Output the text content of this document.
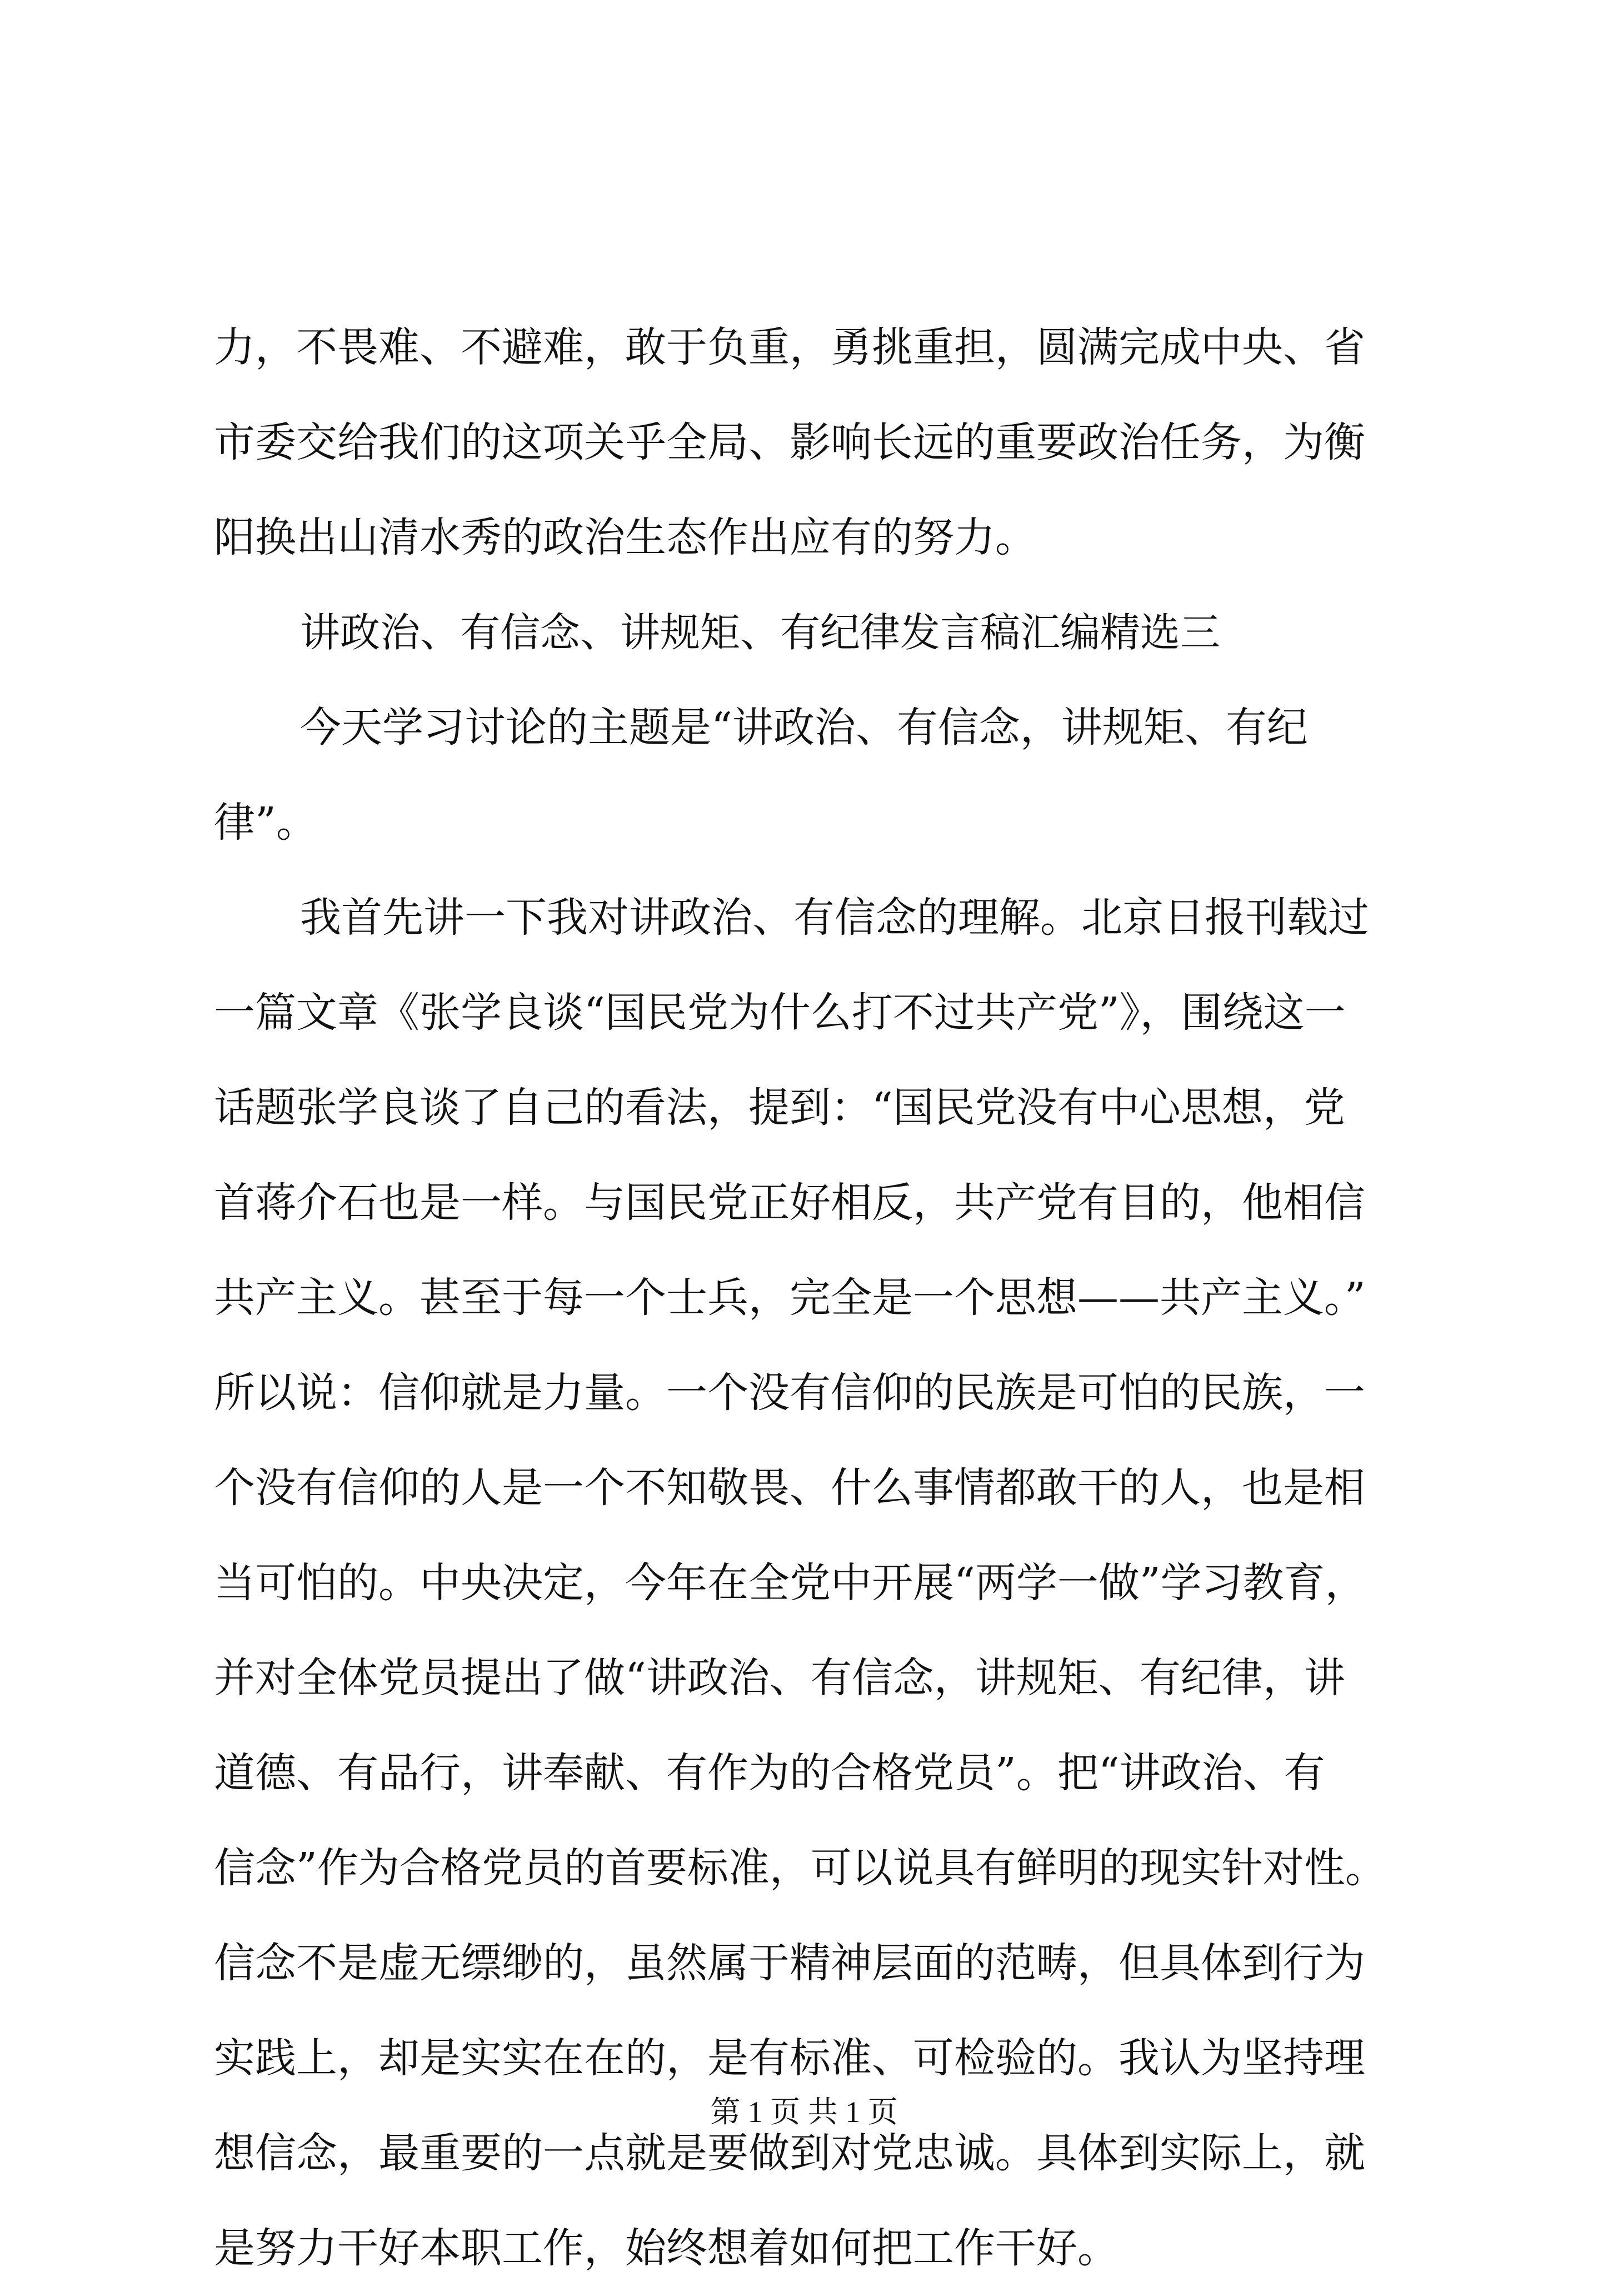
力，不畏难、不避难，敢于负重，勇挑重担，圆满完成中央、省
市委交给我们的这项关乎全局、影响长远的重要政治任务，为衡
阳换出山清水秀的政治生态作出应有的努力。
讲政治、有信念、讲规矩、有纪律发言稿汇编精选三
今天学习讨论的主题是“讲政治、有信念，讲规矩、有纪
律”。
我首先讲一下我对讲政治、有信念的理解。北京日报刊载过
一篇文章《张学良谈“国民党为什么打不过共产党”》，围绕这一
话题张学良谈了自己的看法，提到：“国民党没有中心思想，党
首蒋介石也是一样。与国民党正好相反，共产党有目的，他相信
共产主义。甚至于每一个士兵，完全是一个思想——共产主义。”
所以说：信仰就是力量。一个没有信仰的民族是可怕的民族，一
个没有信仰的人是一个不知敬畏、什么事情都敢干的人，也是相
当可怕的。中央决定，今年在全党中开展“两学一做”学习教育，
并对全体党员提出了做“讲政治、有信念，讲规矩、有纪律，讲
道德、有品行，讲奉献、有作为的合格党员”。把“讲政治、有
信念”作为合格党员的首要标准，可以说具有鲜明的现实针对性。
信念不是虚无缥缈的，虽然属于精神层面的范畴，但具体到行为
实践上，却是实实在在的，是有标准、可检验的。我认为坚持理
想信念，最重要的一点就是要做到对党忠诚。具体到实际上，就
是努力干好本职工作，始终想着如何把工作干好。
第 1 页 共 1 页
